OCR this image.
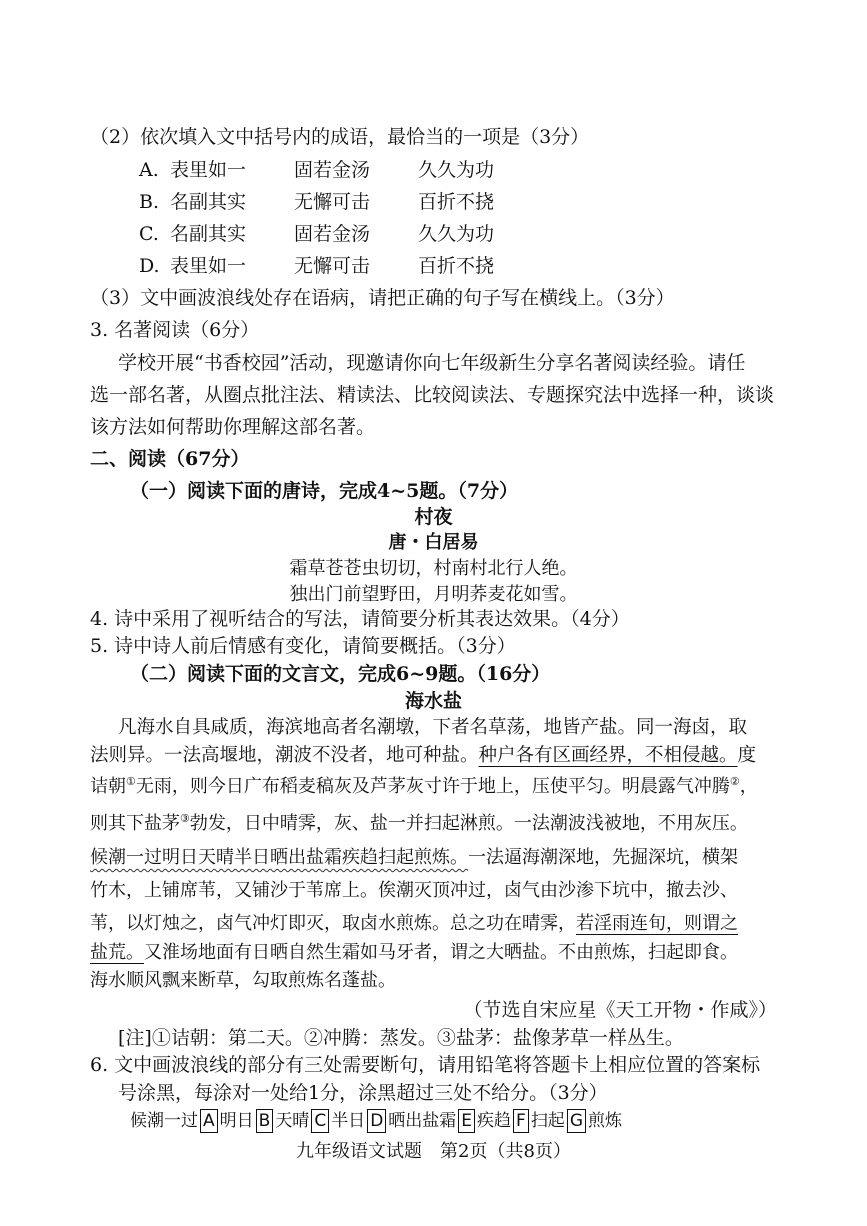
（2）依次填入文中括号内的成语，最恰当的一项是（3分）
A. 表里如一	固若金汤	久久为功
B. 名副其实	无懈可击	百折不挠
C. 名副其实	固若金汤	久久为功
D. 表里如一	无懈可击	百折不挠
（3）文中画波浪线处存在语病，请把正确的句子写在横线上。（3分）
3. 名著阅读（6分）
学校开展“书香校园”活动，现邀请你向七年级新生分享名著阅读经验。请任
选一部名著，从圈点批注法、精读法、比较阅读法、专题探究法中选择一种，谈谈
该方法如何帮助你理解这部名著。
二、阅读（67分）
（一）阅读下面的唐诗，完成4~5题。（7分）
村夜
唐・白居易
霜草苍苍虫切切，村南村北行人绝。
独出门前望野田，月明荞麦花如雪。
4. 诗中采用了视听结合的写法，请简要分析其表达效果。（4分）
5. 诗中诗人前后情感有变化，请简要概括。（3分）
（二）阅读下面的文言文，完成6~9题。（16分）
海水盐
凡海水自具咸质，海滨地高者名潮墩，下者名草荡，地皆产盐。同一海卤，取
法则异。一法高堰地，潮波不没者，地可种盐。种户各有区画经界，不相侵越。度
诘朝①无雨，则今日广布稻麦稿灰及芦茅灰寸许于地上，压使平匀。明晨露气冲腾②，
则其下盐茅③勃发，日中晴霁，灰、盐一并扫起淋煎。一法潮波浅被地，不用灰压。
候潮一过明日天晴半日晒出盐霜疾趋扫起煎炼。一法逼海潮深地，先掘深坑，横架
竹木，上铺席苇，又铺沙于苇席上。俟潮灭顶冲过，卤气由沙渗下坑中，撤去沙、
苇，以灯烛之，卤气冲灯即灭，取卤水煎炼。总之功在晴霁，若淫雨连旬，则谓之
盐荒。又淮场地面有日晒自然生霜如马牙者，谓之大晒盐。不由煎炼，扫起即食。
海水顺风飘来断草，勾取煎炼名蓬盐。
（节选自宋应星《天工开物・作咸》）
[注]①诘朝：第二天。②冲腾：蒸发。③盐茅：盐像茅草一样丛生。
6. 文中画波浪线的部分有三处需要断句，请用铅笔将答题卡上相应位置的答案标
号涂黑，每涂对一处给1分，涂黑超过三处不给分。（3分）
候潮一过 A 明日 B 天晴 C 半日 D 晒出盐霜 E 疾趋 F 扫起 G 煎炼
九年级语文试题　第2页（共8页）
